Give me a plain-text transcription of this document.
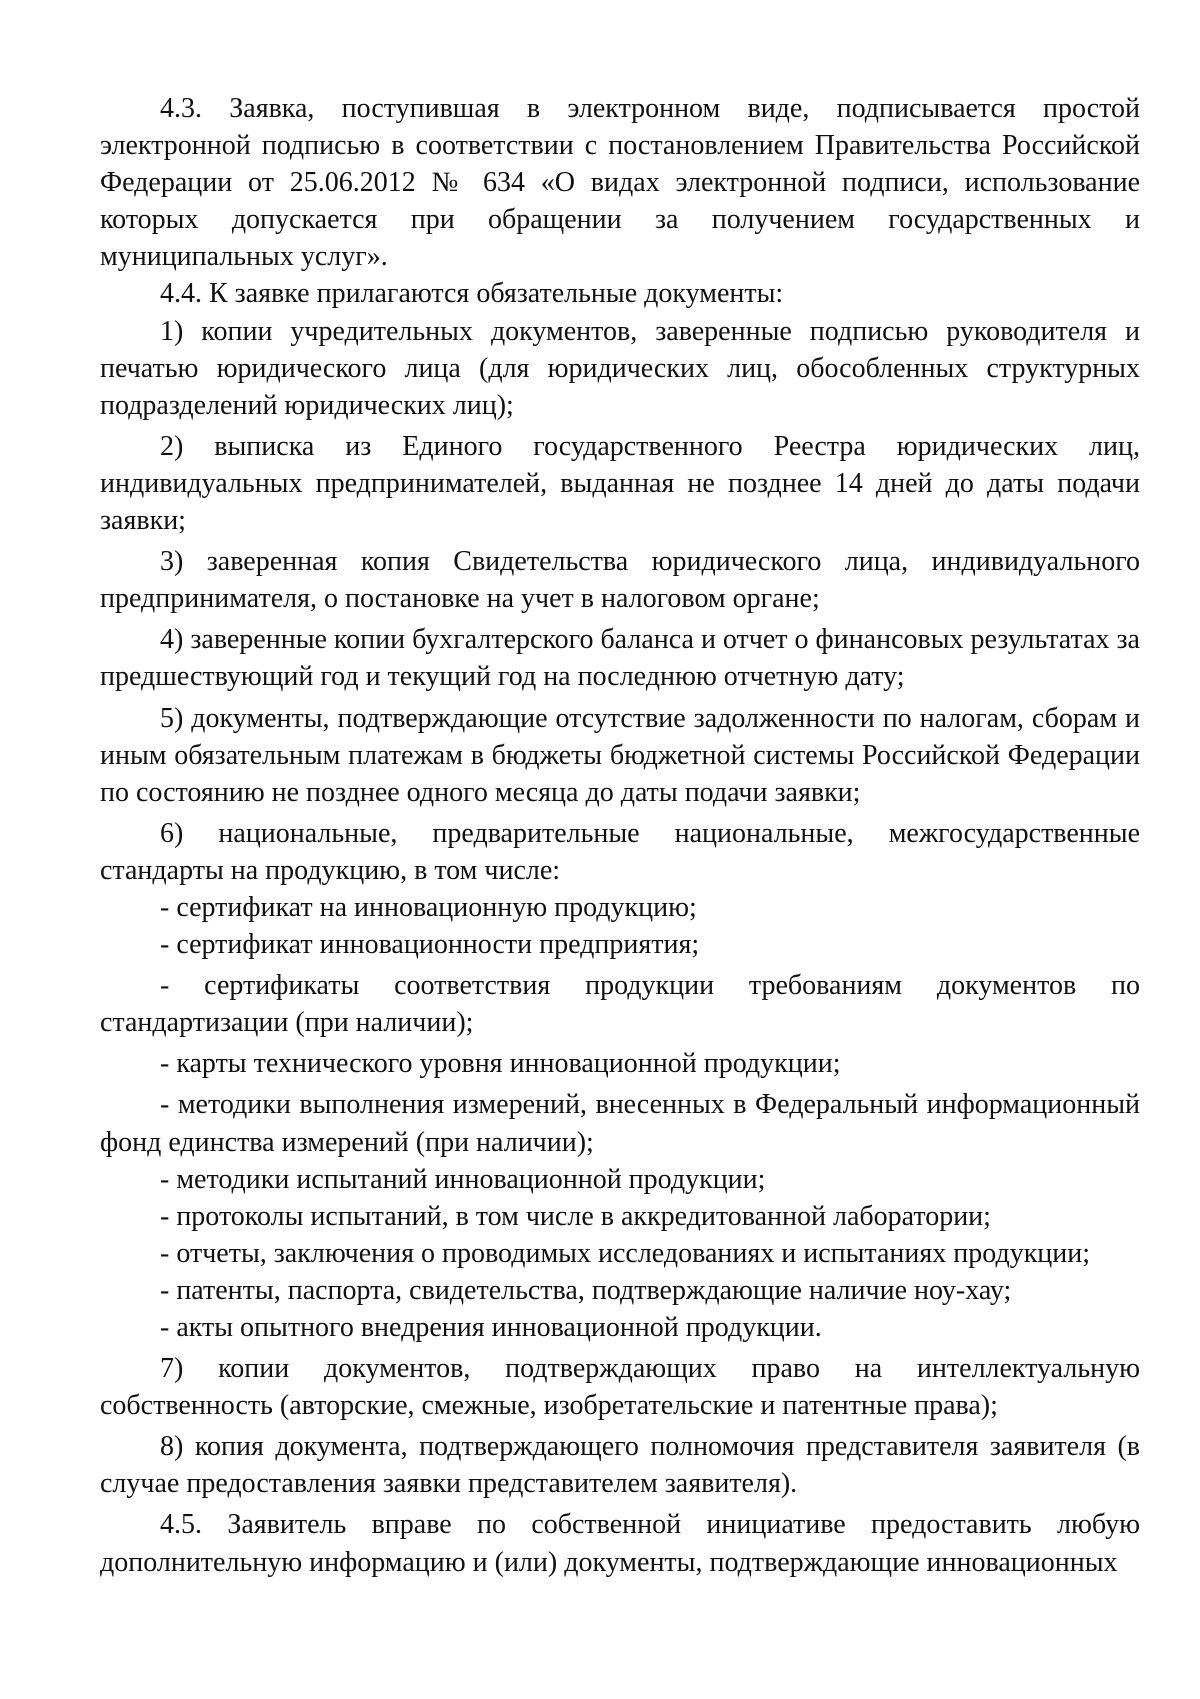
4.3. Заявка, поступившая в электронном виде, подписывается простой электронной подписью в соответствии с постановлением Правительства Российской Федерации от 25.06.2012 № 634 «О видах электронной подписи, использование которых допускается при обращении за получением государственных и муниципальных услуг».

4.4. К заявке прилагаются обязательные документы:

1) копии учредительных документов, заверенные подписью руководителя и печатью юридического лица (для юридических лиц, обособленных структурных подразделений юридических лиц);

2) выписка из Единого государственного Реестра юридических лиц, индивидуальных предпринимателей, выданная не позднее 14 дней до даты подачи заявки;

3) заверенная копия Свидетельства юридического лица, индивидуального предпринимателя, о постановке на учет в налоговом органе;

4) заверенные копии бухгалтерского баланса и отчет о финансовых результатах за предшествующий год и текущий год на последнюю отчетную дату;

5) документы, подтверждающие отсутствие задолженности по налогам, сборам и иным обязательным платежам в бюджеты бюджетной системы Российской Федерации по состоянию не позднее одного месяца до даты подачи заявки;

6) национальные, предварительные национальные, межгосударственные стандарты на продукцию, в том числе:

- сертификат на инновационную продукцию;

- сертификат инновационности предприятия;

- сертификаты соответствия продукции требованиям документов по стандартизации (при наличии);

- карты технического уровня инновационной продукции;

- методики выполнения измерений, внесенных в Федеральный информационный фонд единства измерений (при наличии);

- методики испытаний инновационной продукции;

- протоколы испытаний, в том числе в аккредитованной лаборатории;

- отчеты, заключения о проводимых исследованиях и испытаниях продукции;

- патенты, паспорта, свидетельства, подтверждающие наличие ноу-хау;

- акты опытного внедрения инновационной продукции.

7) копии документов, подтверждающих право на интеллектуальную собственность (авторские, смежные, изобретательские и патентные права);

8) копия документа, подтверждающего полномочия представителя заявителя (в случае предоставления заявки представителем заявителя).

4.5. Заявитель вправе по собственной инициативе предоставить любую дополнительную информацию и (или) документы, подтверждающие инновационных
